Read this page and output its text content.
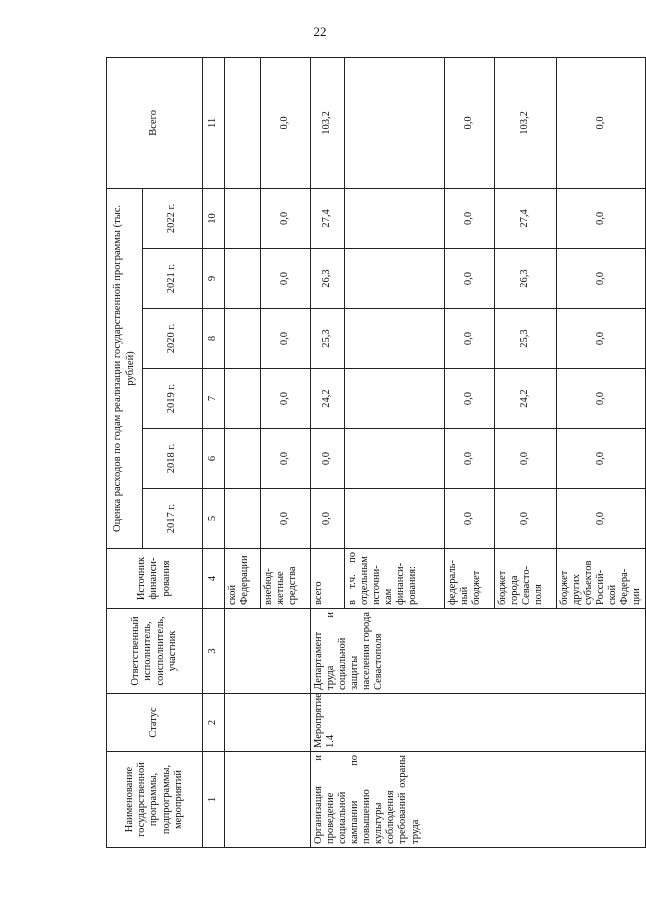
22
Наименование государственной программы, подпрограммы, мероприятий	Статус	Ответственный исполнитель, соисполнитель, участник	Источник финанси-рования	Оценка расходов по годам реализации государственной программы (тыс. рублей)						Всего
				2017 г.	2018 г.	2019 г.	2020 г.	2021 г.	2022 г.	
1	2	3	4	5	6	7	8	9	10	11
			ской Федерации							
			внебюд-жетные средства	0,0	0,0	0,0	0,0	0,0	0,0	0,0
Организация и проведение социальной кампании по повышению культуры соблюдения требований охраны труда	Меропрятие 1.4	Департамент труда и социальной защиты населения города Севастополя	всего	0,0	0,0	24,2	25,3	26,3	27,4	103,2
			в т.ч. по отдельным источни-кам финанси-рования:							
			федераль-ный бюджет	0,0	0,0	0,0	0,0	0,0	0,0	0,0
			бюджет города Севасто-поля	0,0	0,0	24,2	25,3	26,3	27,4	103,2
			бюджет других субъектов Россий-ской Федера-ции	0,0	0,0	0,0	0,0	0,0	0,0	0,0
